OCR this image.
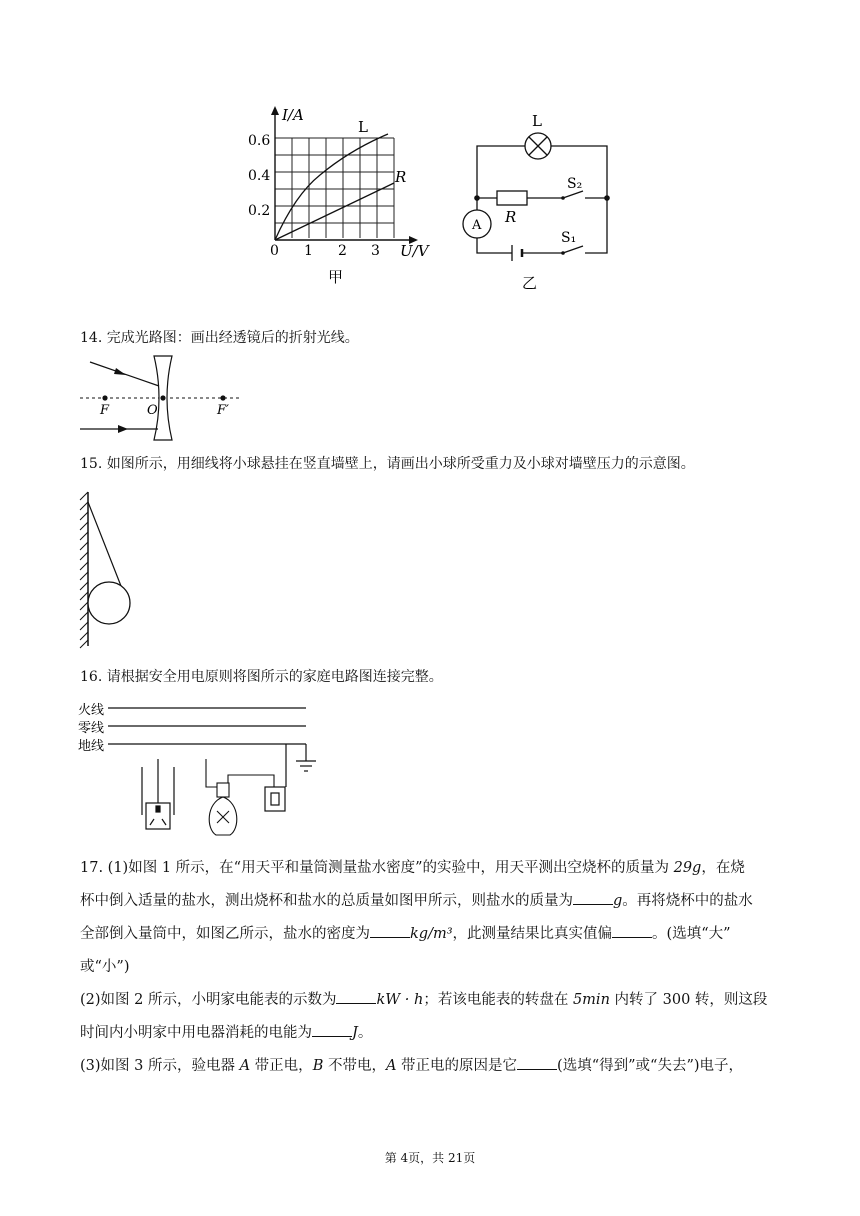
I/A
0.6
0.4
0.2
0 1 2 3 U/V
L
R
甲
L
R
S₂
S₁
A
乙
14. 完成光路图：画出经透镜后的折射光线。
F	O	F′
15. 如图所示，用细线将小球悬挂在竖直墙壁上，请画出小球所受重力及小球对墙壁压力的示意图。
16. 请根据安全用电原则将图所示的家庭电路图连接完整。
火线
零线
地线
17. (1)如图 1 所示，在“用天平和量筒测量盐水密度”的实验中，用天平测出空烧杯的质量为 29g，在烧
杯中倒入适量的盐水，测出烧杯和盐水的总质量如图甲所示，则盐水的质量为	g。再将烧杯中的盐水
全部倒入量筒中，如图乙所示，盐水的密度为	kg/m³，此测量结果比真实值偏	。(选填“大”
或“小”)
(2)如图 2 所示，小明家电能表的示数为	kW · h；若该电能表的转盘在 5min 内转了 300 转，则这段
时间内小明家中用电器消耗的电能为	J。
(3)如图 3 所示，验电器 A 带正电，B 不带电，A 带正电的原因是它	(选填“得到”或“失去”)电子，
第 4页，共 21页
